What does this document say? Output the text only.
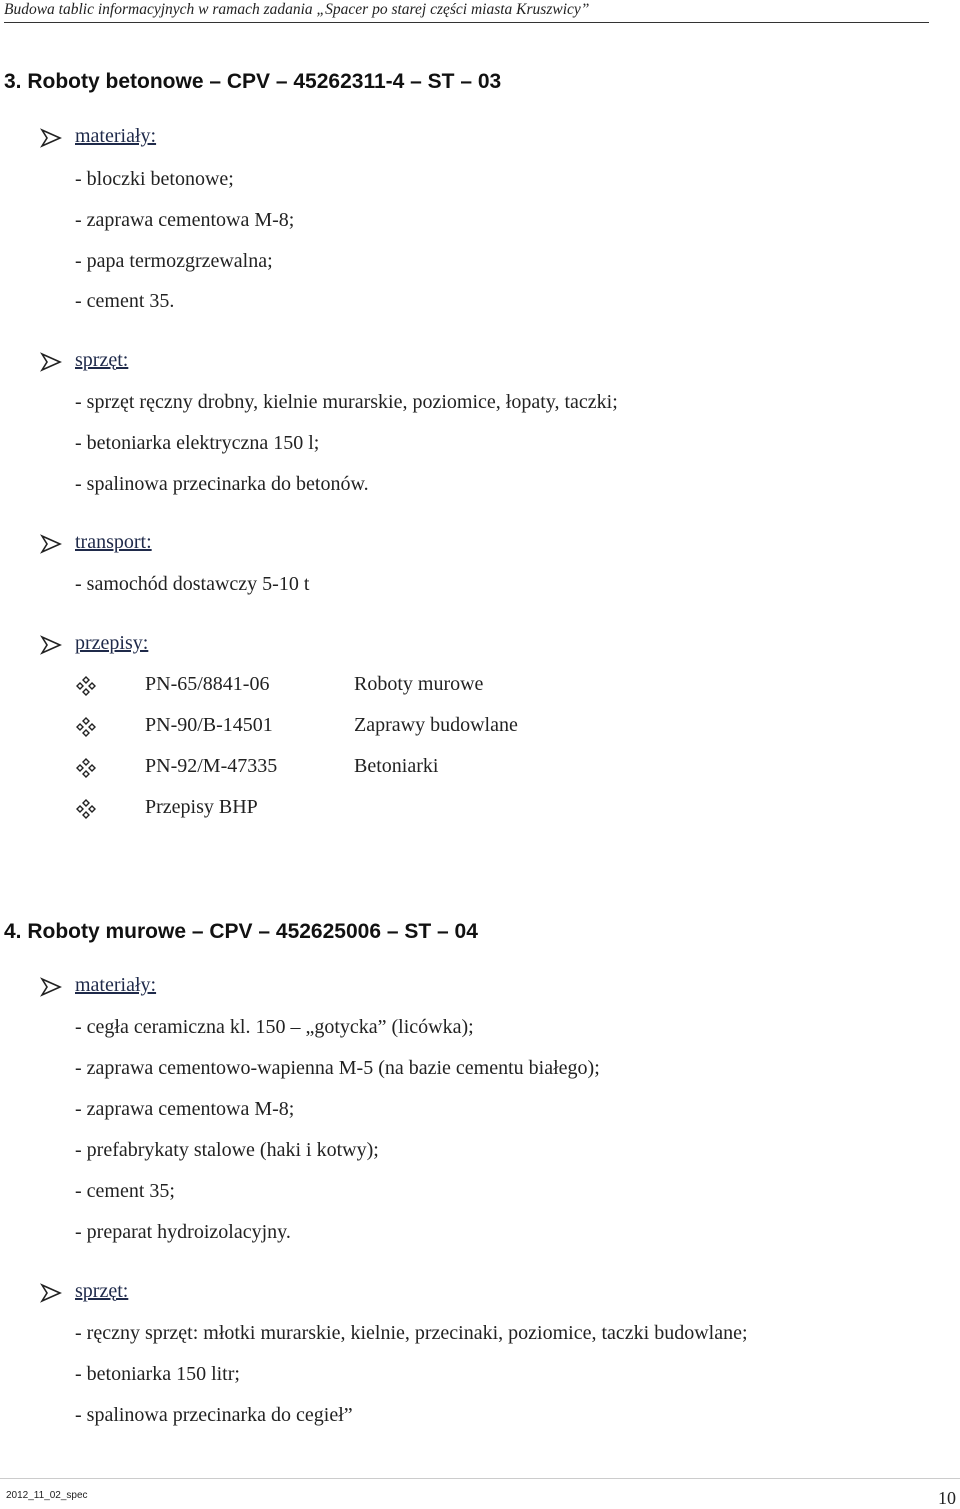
Budowa tablic informacyjnych w ramach zadania „Spacer po starej części miasta Kruszwicy”
3. Roboty betonowe – CPV – 45262311-4 – ST – 03
materiały:
- bloczki betonowe;
- zaprawa cementowa M-8;
- papa termozgrzewalna;
- cement 35.
sprzęt:
- sprzęt ręczny drobny, kielnie murarskie, poziomice, łopaty, taczki;
- betoniarka elektryczna 150 l;
- spalinowa przecinarka do betonów.
transport:
- samochód dostawczy 5-10 t
przepisy:
PN-65/8841-06	Roboty murowe
PN-90/B-14501	Zaprawy budowlane
PN-92/M-47335	Betoniarki
Przepisy BHP
4. Roboty murowe – CPV – 452625006 – ST – 04
materiały:
- cegła ceramiczna kl. 150 – „gotycka” (licówka);
- zaprawa cementowo-wapienna M-5 (na bazie cementu białego);
- zaprawa cementowa M-8;
- prefabrykaty stalowe (haki i kotwy);
- cement 35;
- preparat hydroizolacyjny.
sprzęt:
- ręczny sprzęt: młotki murarskie, kielnie, przecinaki, poziomice, taczki budowlane;
- betoniarka 150 litr;
- spalinowa przecinarka do cegieł”
2012_11_02_spec	10
